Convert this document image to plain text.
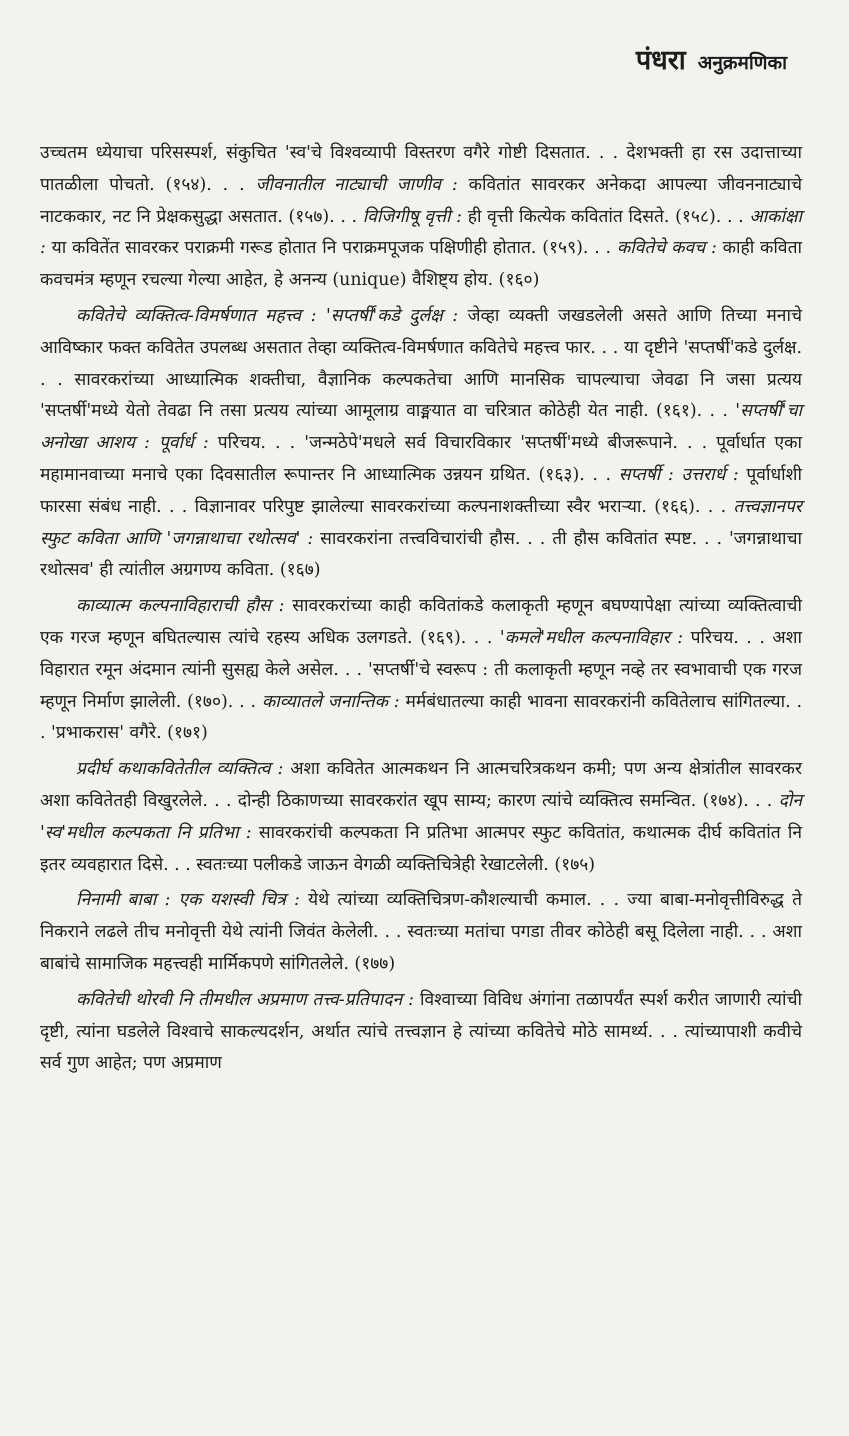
पंधरा अनुक्रमणिका

उच्चतम ध्येयाचा परिसस्पर्श, संकुचित 'स्व'चे विश्वव्यापी विस्तरण वगैरे गोष्टी दिसतात. . . देशभक्ती हा रस उदात्ताच्या पातळीला पोचतो. (१५४). . . जीवनातील नाट्याची जाणीव : कवितांत सावरकर अनेकदा आपल्या जीवननाट्याचे नाटककार, नट नि प्रेक्षकसुद्धा असतात. (१५७). . . विजिगीषू वृत्ती : ही वृत्ती कित्येक कवितांत दिसते. (१५८). . . आकांक्षा : या कवितेंत सावरकर पराक्रमी गरूड होतात नि पराक्रमपूजक पक्षिणीही होतात. (१५९). . . कवितेचे कवच : काही कविता कवचमंत्र म्हणून रचल्या गेल्या आहेत, हे अनन्य (unique) वैशिष्ट्य होय. (१६०)

कवितेचे व्यक्तित्व-विमर्षणात महत्त्व : 'सप्तर्षी'कडे दुर्लक्ष : जेव्हा व्यक्ती जखडलेली असते आणि तिच्या मनाचे आविष्कार फक्त कवितेत उपलब्ध असतात तेव्हा व्यक्तित्व-विमर्षणात कवितेचे महत्त्व फार. . . या दृष्टीने 'सप्तर्षी'कडे दुर्लक्ष. . . सावरकरांच्या आध्यात्मिक शक्तीचा, वैज्ञानिक कल्पकतेचा आणि मानसिक चापल्याचा जेवढा नि जसा प्रत्यय 'सप्तर्षी'मध्ये येतो तेवढा नि तसा प्रत्यय त्यांच्या आमूलाग्र वाङ्मयात वा चरित्रात कोठेही येत नाही. (१६१). . . 'सप्तर्षी'चा अनोखा आशय : पूर्वार्ध : परिचय. . . 'जन्मठेपे'मधले सर्व विचारविकार 'सप्तर्षी'मध्ये बीजरूपाने. . . पूर्वार्धात एका महामानवाच्या मनाचे एका दिवसातील रूपान्तर नि आध्यात्मिक उन्नयन ग्रथित. (१६३). . . सप्तर्षी : उत्तरार्ध : पूर्वार्धाशी फारसा संबंध नाही. . . विज्ञानावर परिपुष्ट झालेल्या सावरकरांच्या कल्पनाशक्तीच्या स्वैर भराऱ्या. (१६६). . . तत्त्वज्ञानपर स्फुट कविता आणि 'जगन्नाथाचा रथोत्सव' : सावरकरांना तत्त्वविचारांची हौस. . . ती हौस कवितांत स्पष्ट. . . 'जगन्नाथाचा रथोत्सव' ही त्यांतील अग्रगण्य कविता. (१६७)

काव्यात्म कल्पनाविहाराची हौस : सावरकरांच्या काही कवितांकडे कलाकृती म्हणून बघण्यापेक्षा त्यांच्या व्यक्तित्वाची एक गरज म्हणून बघितल्यास त्यांचे रहस्य अधिक उलगडते. (१६९). . . 'कमले'मधील कल्पनाविहार : परिचय. . . अशा विहारात रमून अंदमान त्यांनी सुसह्य केले असेल. . . 'सप्तर्षी'चे स्वरूप : ती कलाकृती म्हणून नव्हे तर स्वभावाची एक गरज म्हणून निर्माण झालेली. (१७०). . . काव्यातले जनान्तिक : मर्मबंधातल्या काही भावना सावरकरांनी कवितेलाच सांगितल्या. . . 'प्रभाकरास' वगैरे. (१७१)

प्रदीर्घ कथाकवितेतील व्यक्तित्व : अशा कवितेत आत्मकथन नि आत्मचरित्रकथन कमी; पण अन्य क्षेत्रांतील सावरकर अशा कवितेतही विखुरलेले. . . दोन्ही ठिकाणच्या सावरकरांत खूप साम्य; कारण त्यांचे व्यक्तित्व समन्वित. (१७४). . . दोन 'स्व'मधील कल्पकता नि प्रतिभा : सावरकरांची कल्पकता नि प्रतिभा आत्मपर स्फुट कवितांत, कथात्मक दीर्घ कवितांत नि इतर व्यवहारात दिसे. . . स्वतःच्या पलीकडे जाऊन वेगळी व्यक्तिचित्रेही रेखाटलेली. (१७५)

निनामी बाबा : एक यशस्वी चित्र : येथे त्यांच्या व्यक्तिचित्रण-कौशल्याची कमाल. . . ज्या बाबा-मनोवृत्तीविरुद्ध ते निकराने लढले तीच मनोवृत्ती येथे त्यांनी जिवंत केलेली. . . स्वतःच्या मतांचा पगडा तीवर कोठेही बसू दिलेला नाही. . . अशा बाबांचे सामाजिक महत्त्वही मार्मिकपणे सांगितलेले. (१७७)

कवितेची थोरवी नि तीमधील अप्रमाण तत्त्व-प्रतिपादन : विश्वाच्या विविध अंगांना तळापर्यंत स्पर्श करीत जाणारी त्यांची दृष्टी, त्यांना घडलेले विश्वाचे साकल्यदर्शन, अर्थात त्यांचे तत्त्वज्ञान हे त्यांच्या कवितेचे मोठे सामर्थ्य. . . त्यांच्यापाशी कवीचे सर्व गुण आहेत; पण अप्रमाण
